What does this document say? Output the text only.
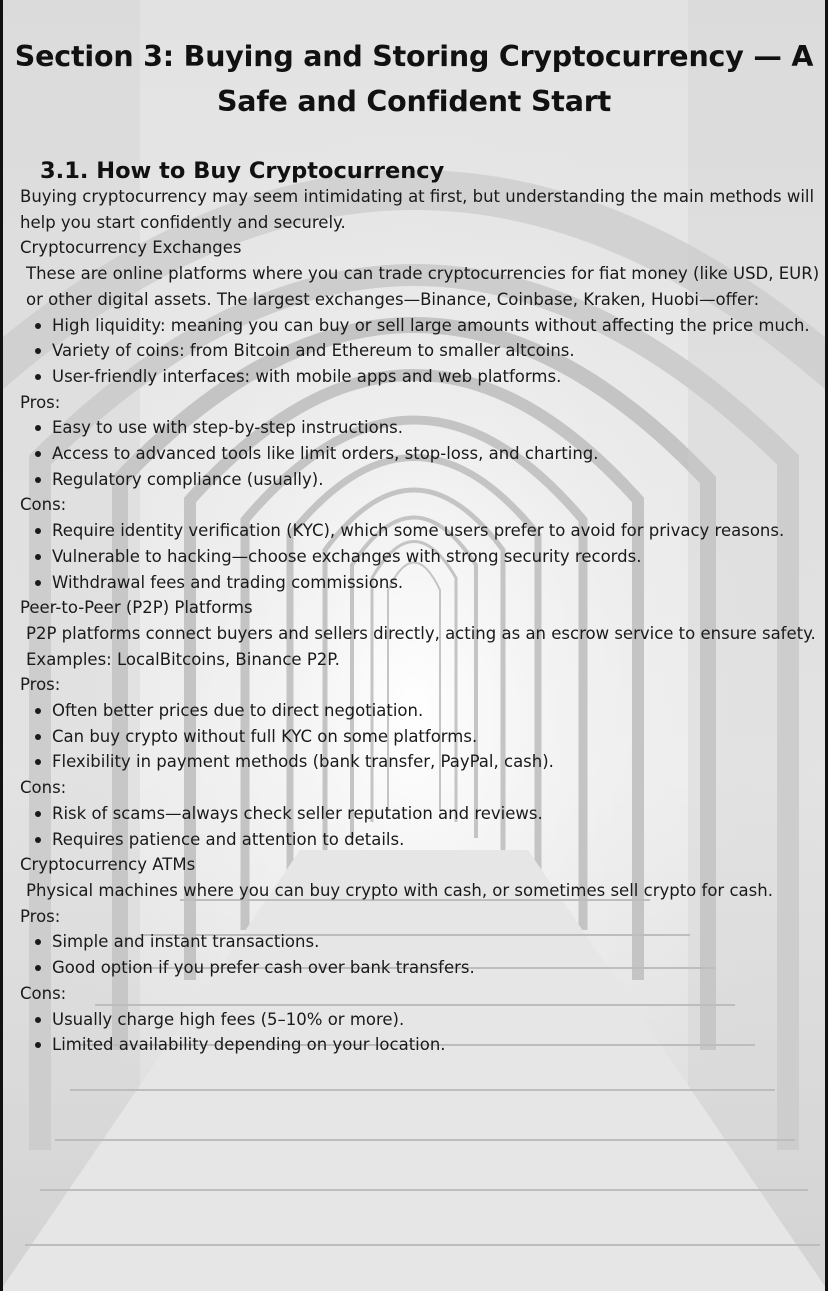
Section 3: Buying and Storing Cryptocurrency — A Safe and Confident Start
3.1. How to Buy Cryptocurrency

Buying cryptocurrency may seem intimidating at first, but understanding the main methods will help you start confidently and securely.

Cryptocurrency Exchanges

These are online platforms where you can trade cryptocurrencies for fiat money (like USD, EUR) or other digital assets. The largest exchanges—Binance, Coinbase, Kraken, Huobi—offer:

High liquidity: meaning you can buy or sell large amounts without affecting the price much.
Variety of coins: from Bitcoin and Ethereum to smaller altcoins.
User-friendly interfaces: with mobile apps and web platforms.

Pros:

Easy to use with step-by-step instructions.
Access to advanced tools like limit orders, stop-loss, and charting.
Regulatory compliance (usually).

Cons:

Require identity verification (KYC), which some users prefer to avoid for privacy reasons.
Vulnerable to hacking—choose exchanges with strong security records.
Withdrawal fees and trading commissions.

Peer-to-Peer (P2P) Platforms

P2P platforms connect buyers and sellers directly, acting as an escrow service to ensure safety. Examples: LocalBitcoins, Binance P2P.

Pros:

Often better prices due to direct negotiation.
Can buy crypto without full KYC on some platforms.
Flexibility in payment methods (bank transfer, PayPal, cash).

Cons:

Risk of scams—always check seller reputation and reviews.
Requires patience and attention to details.

Cryptocurrency ATMs

Physical machines where you can buy crypto with cash, or sometimes sell crypto for cash.

Pros:

Simple and instant transactions.
Good option if you prefer cash over bank transfers.

Cons:

Usually charge high fees (5–10% or more).
Limited availability depending on your location.
